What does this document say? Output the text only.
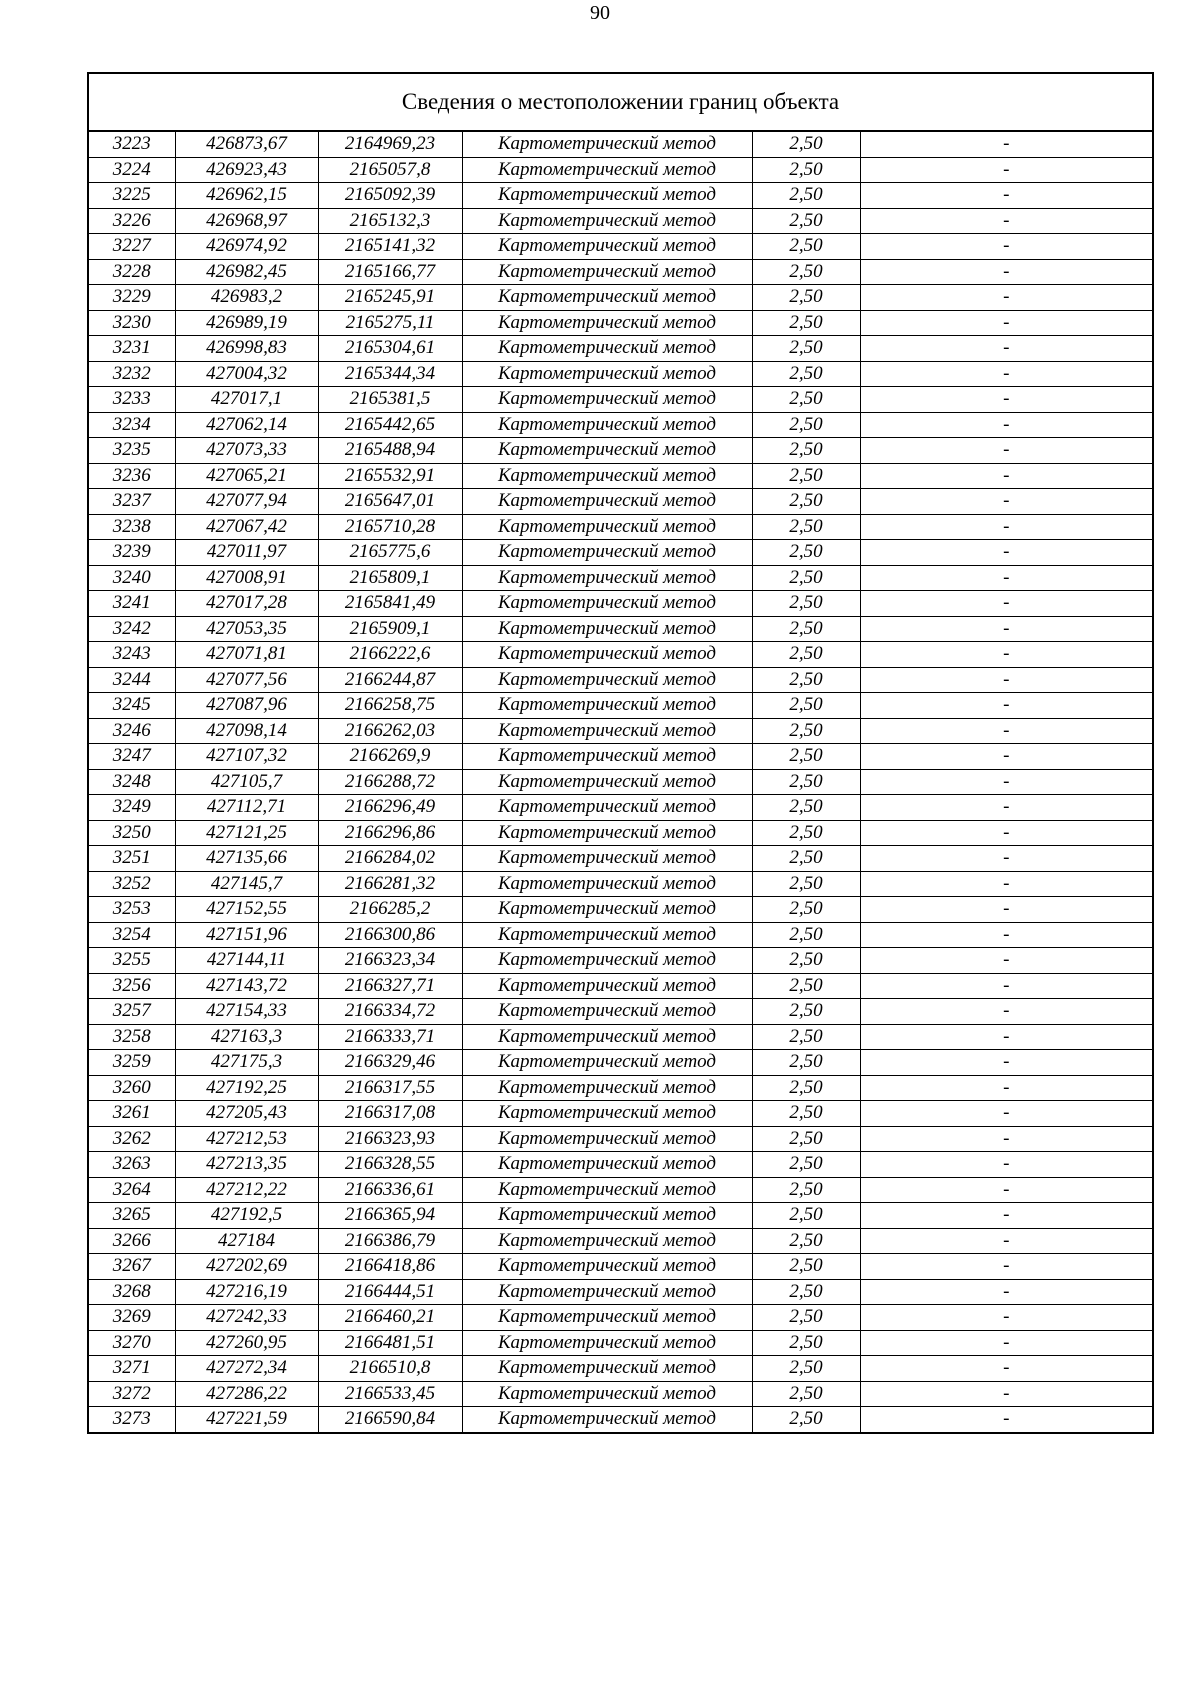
90
Сведения о местоположении границ объекта
3223	426873,67	2164969,23	Картометрический метод	2,50	-
3224	426923,43	2165057,8	Картометрический метод	2,50	-
3225	426962,15	2165092,39	Картометрический метод	2,50	-
3226	426968,97	2165132,3	Картометрический метод	2,50	-
3227	426974,92	2165141,32	Картометрический метод	2,50	-
3228	426982,45	2165166,77	Картометрический метод	2,50	-
3229	426983,2	2165245,91	Картометрический метод	2,50	-
3230	426989,19	2165275,11	Картометрический метод	2,50	-
3231	426998,83	2165304,61	Картометрический метод	2,50	-
3232	427004,32	2165344,34	Картометрический метод	2,50	-
3233	427017,1	2165381,5	Картометрический метод	2,50	-
3234	427062,14	2165442,65	Картометрический метод	2,50	-
3235	427073,33	2165488,94	Картометрический метод	2,50	-
3236	427065,21	2165532,91	Картометрический метод	2,50	-
3237	427077,94	2165647,01	Картометрический метод	2,50	-
3238	427067,42	2165710,28	Картометрический метод	2,50	-
3239	427011,97	2165775,6	Картометрический метод	2,50	-
3240	427008,91	2165809,1	Картометрический метод	2,50	-
3241	427017,28	2165841,49	Картометрический метод	2,50	-
3242	427053,35	2165909,1	Картометрический метод	2,50	-
3243	427071,81	2166222,6	Картометрический метод	2,50	-
3244	427077,56	2166244,87	Картометрический метод	2,50	-
3245	427087,96	2166258,75	Картометрический метод	2,50	-
3246	427098,14	2166262,03	Картометрический метод	2,50	-
3247	427107,32	2166269,9	Картометрический метод	2,50	-
3248	427105,7	2166288,72	Картометрический метод	2,50	-
3249	427112,71	2166296,49	Картометрический метод	2,50	-
3250	427121,25	2166296,86	Картометрический метод	2,50	-
3251	427135,66	2166284,02	Картометрический метод	2,50	-
3252	427145,7	2166281,32	Картометрический метод	2,50	-
3253	427152,55	2166285,2	Картометрический метод	2,50	-
3254	427151,96	2166300,86	Картометрический метод	2,50	-
3255	427144,11	2166323,34	Картометрический метод	2,50	-
3256	427143,72	2166327,71	Картометрический метод	2,50	-
3257	427154,33	2166334,72	Картометрический метод	2,50	-
3258	427163,3	2166333,71	Картометрический метод	2,50	-
3259	427175,3	2166329,46	Картометрический метод	2,50	-
3260	427192,25	2166317,55	Картометрический метод	2,50	-
3261	427205,43	2166317,08	Картометрический метод	2,50	-
3262	427212,53	2166323,93	Картометрический метод	2,50	-
3263	427213,35	2166328,55	Картометрический метод	2,50	-
3264	427212,22	2166336,61	Картометрический метод	2,50	-
3265	427192,5	2166365,94	Картометрический метод	2,50	-
3266	427184	2166386,79	Картометрический метод	2,50	-
3267	427202,69	2166418,86	Картометрический метод	2,50	-
3268	427216,19	2166444,51	Картометрический метод	2,50	-
3269	427242,33	2166460,21	Картометрический метод	2,50	-
3270	427260,95	2166481,51	Картометрический метод	2,50	-
3271	427272,34	2166510,8	Картометрический метод	2,50	-
3272	427286,22	2166533,45	Картометрический метод	2,50	-
3273	427221,59	2166590,84	Картометрический метод	2,50	-
